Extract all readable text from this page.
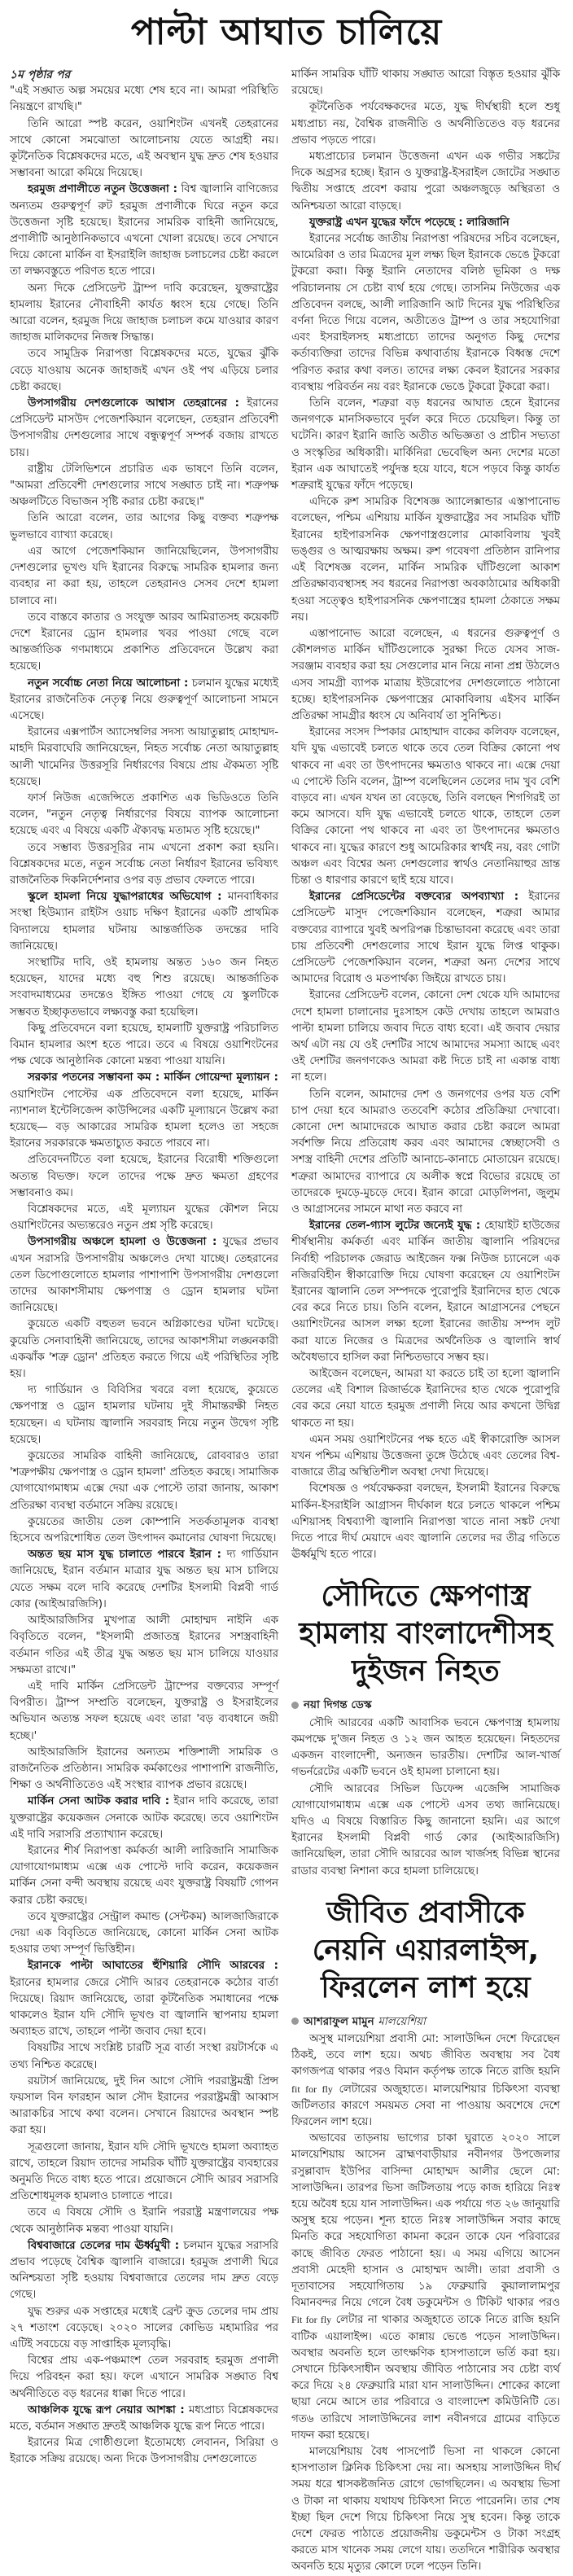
পাল্টা আঘাত চালিয়ে
১ম পৃষ্ঠার পর

"এই সঙ্ঘাত অল্প সময়ের মধ্যে শেষ হবে না। আমরা পরিস্থিতি নিয়ন্ত্রণে রাখছি।"

তিনি আরো স্পষ্ট করেন, ওয়াশিংটন এখনই তেহরানের সাথে কোনো সমঝোতা আলোচনায় যেতে আগ্রহী নয়। কূটনৈতিক বিশ্লেষকদের মতে, এই অবস্থান যুদ্ধ দ্রুত শেষ হওয়ার সম্ভাবনা আরো কমিয়ে দিয়েছে।

হরমুজ প্রণালীতে নতুন উত্তেজনা : বিশ্ব জ্বালানি বাণিজ্যের অন্যতম গুরুত্বপূর্ণ রুট হরমুজ প্রণালীকে ঘিরে নতুন করে উত্তেজনা সৃষ্টি হয়েছে। ইরানের সামরিক বাহিনী জানিয়েছে, প্রণালীটি আনুষ্ঠানিকভাবে এখনো খোলা রয়েছে। তবে সেখানে দিয়ে কোনো মার্কিন বা ইসরাইলি জাহাজ চলাচলের চেষ্টা করলে তা লক্ষ্যবস্তুতে পরিণত হতে পারে।

অন্য দিকে প্রেসিডেন্ট ট্রাম্প দাবি করেছেন, যুক্তরাষ্ট্রের হামলায় ইরানের নৌবাহিনী কার্যত ধ্বংস হয়ে গেছে। তিনি আরো বলেন, হরমুজ দিয়ে জাহাজ চলাচল কমে যাওয়ার কারণ জাহাজ মালিকদের নিজস্ব সিদ্ধান্ত।

তবে সামুদ্রিক নিরাপত্তা বিশ্লেষকদের মতে, যুদ্ধের ঝুঁকি বেড়ে যাওয়ায় অনেক জাহাজই এখন ওই পথ এড়িয়ে চলার চেষ্টা করছে।

উপসাগরীয় দেশগুলোকে আশ্বাস তেহরানের : ইরানের প্রেসিডেন্ট মাসউদ পেজেশকিয়ান বলেছেন, তেহরান প্রতিবেশী উপসাগরীয় দেশগুলোর সাথে বন্ধুত্বপূর্ণ সম্পর্ক বজায় রাখতে চায়।

রাষ্ট্রীয় টেলিভিশনে প্রচারিত এক ভাষণে তিনি বলেন, "আমরা প্রতিবেশী দেশগুলোর সাথে সঙ্ঘাত চাই না। শত্রুপক্ষ অঞ্চলটিতে বিভাজন সৃষ্টি করার চেষ্টা করছে।"

তিনি আরো বলেন, তার আগের কিছু বক্তব্য শত্রুপক্ষ ভুলভাবে ব্যাখ্যা করেছে।

এর আগে পেজেশকিয়ান জানিয়েছিলেন, উপসাগরীয় দেশগুলোর ভূখণ্ড যদি ইরানের বিরুদ্ধে সামরিক হামলার জন্য ব্যবহার না করা হয়, তাহলে তেহরানও সেসব দেশে হামলা চালাবে না।

তবে বাস্তবে কাতার ও সংযুক্ত আরব আমিরাতসহ কয়েকটি দেশে ইরানের ড্রোন হামলার খবর পাওয়া গেছে বলে আন্তর্জাতিক গণমাধ্যমে প্রকাশিত প্রতিবেদনে উল্লেখ করা হয়েছে।

নতুন সর্বোচ্চ নেতা নিয়ে আলোচনা : চলমান যুদ্ধের মধ্যেই ইরানের রাজনৈতিক নেতৃত্ব নিয়ে গুরুত্বপূর্ণ আলোচনা সামনে এসেছে।

ইরানের এক্সপার্টস অ্যাসেম্বলির সদস্য আয়াতুল্লাহ মোহাম্মদ-মাহদি মিরবাঘেরি জানিয়েছেন, নিহত সর্বোচ্চ নেতা আয়াতুল্লাহ আলী খামেনির উত্তরসূরি নির্ধারণের বিষয়ে প্রায় ঐকমত্য সৃষ্টি হয়েছে।

ফার্স নিউজ এজেন্সিতে প্রকাশিত এক ভিডিওতে তিনি বলেন, "নতুন নেতৃত্ব নির্ধারণের বিষয়ে ব্যাপক আলোচনা হয়েছে এবং এ বিষয়ে একটি ঐক্যবদ্ধ মতামত সৃষ্টি হয়েছে।"

তবে সম্ভাব্য উত্তরসূরির নাম এখনো প্রকাশ করা হয়নি। বিশ্লেষকদের মতে, নতুন সর্বোচ্চ নেতা নির্ধারণ ইরানের ভবিষ্যৎ রাজনৈতিক দিকনির্দেশনার ওপর বড় প্রভাব ফেলতে পারে।

স্কুলে হামলা নিয়ে যুদ্ধাপরাধের অভিযোগ : মানবাধিকার সংস্থা হিউম্যান রাইটস ওয়াচ দক্ষিণ ইরানের একটি প্রাথমিক বিদ্যালয়ে হামলার ঘটনায় আন্তর্জাতিক তদন্তের দাবি জানিয়েছে।

সংস্থাটির দাবি, ওই হামলায় অন্তত ১৬০ জন নিহত হয়েছেন, যাদের মধ্যে বহু শিশু রয়েছে। আন্তর্জাতিক সংবাদমাধ্যমের তদন্তেও ইঙ্গিত পাওয়া গেছে যে স্কুলটিকে সম্ভবত ইচ্ছাকৃতভাবে লক্ষ্যবস্তু করা হয়েছিল।

কিছু প্রতিবেদনে বলা হয়েছে, হামলাটি যুক্তরাষ্ট্র পরিচালিত বিমান হামলার অংশ হতে পারে। তবে এ বিষয়ে ওয়াশিংটনের পক্ষ থেকে আনুষ্ঠানিক কোনো মন্তব্য পাওয়া যায়নি।

সরকার পতনের সম্ভাবনা কম : মার্কিন গোয়েন্দা মূল্যায়ন : ওয়াশিংটন পোস্টের এক প্রতিবেদনে বলা হয়েছে, মার্কিন ন্যাশনাল ইন্টেলিজেন্স কাউন্সিলের একটি মূল্যায়নে উল্লেখ করা হয়েছে— বড় আকারের সামরিক হামলা হলেও তা সহজে ইরানের সরকারকে ক্ষমতাচ্যুত করতে পারবে না।

প্রতিবেদনটিতে বলা হয়েছে, ইরানের বিরোধী শক্তিগুলো অত্যন্ত বিভক্ত। ফলে তাদের পক্ষে দ্রুত ক্ষমতা গ্রহণের সম্ভাবনাও কম।

বিশ্লেষকদের মতে, এই মূল্যায়ন যুদ্ধের কৌশল নিয়ে ওয়াশিংটনের অভ্যন্তরেও নতুন প্রশ্ন সৃষ্টি করেছে।

উপসাগরীয় অঞ্চলে হামলা ও উত্তেজনা : যুদ্ধের প্রভাব এখন সরাসরি উপসাগরীয় অঞ্চলেও দেখা যাচ্ছে। তেহরানের তেল ডিপোগুলোতে হামলার পাশাপাশি উপসাগরীয় দেশগুলো তাদের আকাশসীমায় ক্ষেপণাস্ত্র ও ড্রোন হামলার ঘটনা জানিয়েছে।

কুয়েতে একটি বহুতল ভবনে অগ্নিকাণ্ডের ঘটনা ঘটেছে। কুয়েতি সেনাবাহিনী জানিয়েছে, তাদের আকাশসীমা লঙ্ঘনকারী একঝাঁক 'শত্রু ড্রোন' প্রতিহত করতে গিয়ে এই পরিস্থিতির সৃষ্টি হয়।

দ্য গার্ডিয়ান ও বিবিসির খবরে বলা হয়েছে, কুয়েতে ক্ষেপণাস্ত্র ও ড্রোন হামলার ঘটনায় দুই সীমান্তরক্ষী নিহত হয়েছেন। এ ঘটনায় জ্বালানি সরবরাহ নিয়ে নতুন উদ্বেগ সৃষ্টি হয়েছে।

কুয়েতের সামরিক বাহিনী জানিয়েছে, রোববারও তারা 'শত্রুপক্ষীয় ক্ষেপণাস্ত্র ও ড্রোন হামলা' প্রতিহত করছে। সামাজিক যোগাযোগমাধ্যম এক্সে দেয়া এক পোস্টে তারা জানায়, আকাশ প্রতিরক্ষা ব্যবস্থা বর্তমানে সক্রিয় রয়েছে।

কুয়েতের জাতীয় তেল কোম্পানি সতর্কতামূলক ব্যবস্থা হিসেবে অপরিশোধিত তেল উৎপাদন কমানোর ঘোষণা দিয়েছে।

অন্তত ছয় মাস যুদ্ধ চালাতে পারবে ইরান : দ্য গার্ডিয়ান জানিয়েছে, ইরান বর্তমান মাত্রার যুদ্ধ অন্তত ছয় মাস চালিয়ে যেতে সক্ষম বলে দাবি করেছে দেশটির ইসলামী বিপ্লবী গার্ড কোর (আইআরজিসি)।

আইআরজিসির মুখপাত্র আলী মোহাম্মদ নাইনি এক বিবৃতিতে বলেন, "ইসলামী প্রজাতন্ত্র ইরানের সশস্ত্রবাহিনী বর্তমান গতির এই তীব্র যুদ্ধ অন্তত ছয় মাস চালিয়ে যাওয়ার সক্ষমতা রাখে।"

এই দাবি মার্কিন প্রেসিডেন্ট ট্রাম্পের বক্তব্যের সম্পূর্ণ বিপরীত। ট্রাম্প সম্প্রতি বলেছেন, যুক্তরাষ্ট্র ও ইসরাইলের অভিযান অত্যন্ত সফল হয়েছে এবং তারা 'বড় ব্যবধানে জয়ী হচ্ছে।'

আইআরজিসি ইরানের অন্যতম শক্তিশালী সামরিক ও রাজনৈতিক প্রতিষ্ঠান। সামরিক কর্মকাণ্ডের পাশাপাশি রাজনীতি, শিক্ষা ও অর্থনীতিতেও এই সংস্থার ব্যাপক প্রভাব রয়েছে।

মার্কিন সেনা আটক করার দাবি : ইরান দাবি করেছে, তারা যুক্তরাষ্ট্রের কয়েকজন সেনাকে আটক করেছে। তবে ওয়াশিংটন এই দাবি সরাসরি প্রত্যাখ্যান করেছে।

ইরানের শীর্ষ নিরাপত্তা কর্মকর্তা আলী লারিজানি সামাজিক যোগাযোগমাধ্যম এক্সে এক পোস্টে দাবি করেন, কয়েকজন মার্কিন সেনা বন্দী অবস্থায় রয়েছে এবং যুক্তরাষ্ট্র বিষয়টি গোপন করার চেষ্টা করছে।

তবে যুক্তরাষ্ট্রের সেন্ট্রাল কমান্ড (সেন্টকম) আলজাজিরাকে দেয়া এক বিবৃতিতে জানিয়েছে, কোনো মার্কিন সেনা আটক হওয়ার তথ্য সম্পূর্ণ ভিত্তিহীন।

ইরানকে পাল্টা আঘাতের হুঁশিয়ারি সৌদি আরবের : ইরানের হামলার জেরে সৌদি আরব তেহরানকে কঠোর বার্তা দিয়েছে। রিয়াদ জানিয়েছে, তারা কূটনৈতিক সমাধানের পক্ষে থাকলেও ইরান যদি সৌদি ভূখণ্ড বা জ্বালানি স্থাপনায় হামলা অব্যাহত রাখে, তাহলে পাল্টা জবাব দেয়া হবে।

বিষয়টির সাথে সংশ্লিষ্ট চারটি সূত্র বার্তা সংস্থা রয়টার্সকে এ তথ্য নিশ্চিত করেছে।

রয়টার্স জানিয়েছে, দুই দিন আগে সৌদি পররাষ্ট্রমন্ত্রী প্রিন্স ফয়সাল বিন ফারহান আল সৌদ ইরানের পররাষ্ট্রমন্ত্রী আব্বাস আরাকচির সাথে কথা বলেন। সেখানে রিয়াদের অবস্থান স্পষ্ট করা হয়।

সূত্রগুলো জানায়, ইরান যদি সৌদি ভূখণ্ডে হামলা অব্যাহত রাখে, তাহলে রিয়াদ তাদের সামরিক ঘাঁটি যুক্তরাষ্ট্রের ব্যবহারের অনুমতি দিতে বাধ্য হতে পারে। প্রয়োজনে সৌদি আরব সরাসরি প্রতিশোধমূলক হামলাও চালাতে পারে।

তবে এ বিষয়ে সৌদি ও ইরানি পররাষ্ট্র মন্ত্রণালয়ের পক্ষ থেকে আনুষ্ঠানিক মন্তব্য পাওয়া যায়নি।

বিশ্ববাজারে তেলের দাম ঊর্ধ্বমুখী : চলমান যুদ্ধের সরাসরি প্রভাব পড়েছে বৈশ্বিক জ্বালানি বাজারে। হরমুজ প্রণালী ঘিরে অনিশ্চয়তা সৃষ্টি হওয়ায় বিশ্ববাজারে তেলের দাম দ্রুত বেড়ে গেছে।

যুদ্ধ শুরুর এক সপ্তাহের মধ্যেই ব্রেন্ট ক্রুড তেলের দাম প্রায় ২৭ শতাংশ বেড়েছে। ২০২০ সালের কোভিড মহামারির পর এটিই সবচেয়ে বড় সাপ্তাহিক মূল্যবৃদ্ধি।

বিশ্বের প্রায় এক-পঞ্চমাংশ তেল সরবরাহ হরমুজ প্রণালী দিয়ে পরিবহন করা হয়। ফলে এখানে সামরিক সঙ্ঘাত বিশ্ব অর্থনীতিতে বড় ধরনের ধাক্কা দিতে পারে।

আঞ্চলিক যুদ্ধে রূপ নেয়ার আশঙ্কা : মধ্যপ্রাচ্য বিশ্লেষকদের মতে, বর্তমান সঙ্ঘাত দ্রুতই আঞ্চলিক যুদ্ধে রূপ নিতে পারে।

ইরানের মিত্র গোষ্ঠীগুলো ইতোমধ্যে লেবানন, সিরিয়া ও ইরাকে সক্রিয় রয়েছে। অন্য দিকে উপসাগরীয় দেশগুলোতে

মার্কিন সামরিক ঘাঁটি থাকায় সঙ্ঘাত আরো বিস্তৃত হওয়ার ঝুঁকি রয়েছে।

কূটনৈতিক পর্যবেক্ষকদের মতে, যুদ্ধ দীর্ঘস্থায়ী হলে শুধু মধ্যপ্রাচ্য নয়, বৈশ্বিক রাজনীতি ও অর্থনীতিতেও বড় ধরনের প্রভাব পড়তে পারে।

মধ্যপ্রাচ্যের চলমান উত্তেজনা এখন এক গভীর সঙ্কটের দিকে অগ্রসর হচ্ছে। ইরান ও যুক্তরাষ্ট্র-ইসরাইল জোটের সঙ্ঘাত দ্বিতীয় সপ্তাহে প্রবেশ করায় পুরো অঞ্চলজুড়ে অস্থিরতা ও অনিশ্চয়তা আরো বাড়ছে।

যুক্তরাষ্ট্র এখন যুদ্ধের ফাঁদে পড়েছে : লারিজানি

ইরানের সর্বোচ্চ জাতীয় নিরাপত্তা পরিষদের সচিব বলেছেন, আমেরিকা ও তার মিত্রদের মূল লক্ষ্য ছিল ইরানকে ভেঙে টুকরো টুকরো করা। কিন্তু ইরানি নেতাদের বলিষ্ঠ ভূমিকা ও দক্ষ পরিচালনায় সে চেষ্টা ব্যর্থ হয়ে গেছে। তাসনিম নিউজের এক প্রতিবেদন বলছে, আলী লারিজানি আট দিনের যুদ্ধ পরিস্থিতির বর্ণনা দিতে গিয়ে বলেন, অতীতেও ট্রাম্প ও তার সহযোগিরা এবং ইসরাইলসহ মধ্যপ্রাচ্যে তাদের অনুগত কিছু দেশের কর্তাব্যক্তিরা তাদের বিভিন্ন কথাবার্তায় ইরানকে বিধ্বস্ত দেশে পরিণত করার কথা বলত। তাদের লক্ষ্য কেবল ইরানের সরকার ব্যবস্থায় পরিবর্তন নয় বরং ইরানকে ভেঙে টুকরো টুকরো করা।

তিনি বলেন, শত্রুরা বড় ধরনের আঘাত হেনে ইরানের জনগণকে মানসিকভাবে দুর্বল করে দিতে চেয়েছিল। কিন্তু তা ঘটেনি। কারণ ইরানি জাতি অতীত অভিজ্ঞতা ও প্রাচীন সভ্যতা ও সংস্কৃতির অধিকারী। মার্কিনিরা ভেবেছিল অন্য দেশের মতো ইরান এক আঘাতেই পর্যুদস্ত হয়ে যাবে, ধসে পড়বে কিন্তু কার্যত শত্রুরাই যুদ্ধের ফাঁদে পড়েছে।

এদিকে রুশ সামরিক বিশেষজ্ঞ অ্যালেক্সান্ডার এস্তাপানোভ বলেছেন, পশ্চিম এশিয়ায় মার্কিন যুক্তরাষ্ট্রের সব সামরিক ঘাঁটি ইরানের হাইপারসনিক ক্ষেপণাস্ত্রগুলোর মোকাবিলায় খুবই ভঙ্গুর ও আত্মরক্ষায় অক্ষম। রুশ গবেষণা প্রতিষ্ঠান রানিপার এই বিশেষজ্ঞ বলেন, মার্কিন সামরিক ঘাঁটিগুলো আকাশ প্রতিরক্ষাব্যবস্থাসহ সব ধরনের নিরাপত্তা অবকাঠামোর অধিকারী হওয়া সত্ত্বেও হাইপারসনিক ক্ষেপণাস্ত্রের হামলা ঠেকাতে সক্ষম নয়।

এস্তাপানোভ আরো বলেছেন, এ ধরনের গুরুত্বপূর্ণ ও কৌশলগত মার্কিন ঘাঁটিগুলোকে সুরক্ষা দিতে যেসব সাজ-সরঞ্জাম ব্যবহার করা হয় সেগুলোর মান নিয়ে নানা প্রশ্ন উঠলেও এসব সামগ্রী ব্যাপক মাত্রায় ইউরোপের দেশগুলোতে পাঠানো হচ্ছে। হাইপারসনিক ক্ষেপণাস্ত্রের মোকাবিলায় এইসব মার্কিন প্রতিরক্ষা সামগ্রীর ধ্বংস যে অনিবার্য তা সুনিশ্চিত।

ইরানের সংসদ স্পিকার মোহাম্মাদ বাকের কলিবফ বলেছেন, যদি যুদ্ধ এভাবেই চলতে থাকে তবে তেল বিক্রির কোনো পথ থাকবে না এবং তা উৎপাদনের ক্ষমতাও থাকবে না। এক্সে দেয়া এ পোস্টে তিনি বলেন, ট্রাম্প বলেছিলেন তেলের দাম খুব বেশি বাড়বে না। এখন যখন তা বেড়েছে, তিনি বলছেন শিগগিরই তা কমে আসবে। যদি যুদ্ধ এভাবেই চলতে থাকে, তাহলে তেল বিক্রির কোনো পথ থাকবে না এবং তা উৎপাদনের ক্ষমতাও থাকবে না। যুদ্ধের কারণে শুধু আমেরিকার স্বার্থই নয়, বরং গোটা অঞ্চল এবং বিশ্বের অন্য দেশগুলোর স্বার্থও নেতানিয়াহুর ভ্রান্ত চিন্তা ও ধারণার কারণে ছাই হয়ে যাবে।

ইরানের প্রেসিডেন্টের বক্তব্যের অপব্যাখ্যা : ইরানের প্রেসিডেন্ট মাসুদ পেজেশকিয়ান বলেছেন, শত্রুরা আমার বক্তব্যের ব্যাপারে খুবই অপরিপক্ক চিন্তাভাবনা করেছে এবং তারা চায় প্রতিবেশী দেশগুলোর সাথে ইরান যুদ্ধে লিপ্ত থাকুক। প্রেসিডেন্ট পেজেশকিয়ান বলেন, শত্রুরা অন্য দেশের সাথে আমাদের বিরোধ ও মতপার্থক্য জিইয়ে রাখতে চায়।

ইরানের প্রেসিডেন্ট বলেন, কোনো দেশ থেকে যদি আমাদের দেশে হামলা চালানোর দুঃসাহস কেউ দেখায় তাহলে আমরাও পাল্টা হামলা চালিয়ে জবাব দিতে বাধ্য হবো। এই জবাব দেয়ার অর্থ এটা নয় যে ওই দেশটির সাথে আমাদের সমস্যা আছে এবং ওই দেশটির জনগণকেও আমরা কষ্ট দিতে চাই না একান্ত বাধ্য না হলে।

তিনি বলেন, আমাদের দেশ ও জনগণের ওপর যত বেশি চাপ দেয়া হবে আমরাও ততবেশি কঠোর প্রতিক্রিয়া দেখাবো। কোনো দেশ আমাদেরকে আঘাত করার চেষ্টা করলে আমরা সর্বশক্তি নিয়ে প্রতিরোধ করব এবং আমাদের স্বেচ্ছাসেবী ও সশস্ত্র বাহিনী দেশের প্রতিটি আনাচে-কানাচে মোতায়েন রয়েছে। শত্রুরা আমাদের ব্যাপারে যে অলীক স্বপ্নে বিভোর রয়েছে তা তাদেরকে দুমড়ে-মুচড়ে দেবে। ইরান কারো মোড়লিপনা, জুলুম ও আগ্রাসনের সামনে মাথা নত করবে না

ইরানের তেল-গ্যাস লুটের জন্যেই যুদ্ধ : হোয়াইট হাউজের শীর্ষস্থানীয় কর্মকর্তা এবং মার্কিন জাতীয় জ্বালানি পরিষদের নির্বাহী পরিচালক জেরাড আইজেন ফক্স নিউজ চ্যানেলে এক নজিরবিহীন স্বীকারোক্তি দিয়ে ঘোষণা করেছেন যে ওয়াশিংটন ইরানের জ্বালানি তেল সম্পদকে পুরোপুরি ইরানিদের হাত থেকে বের করে নিতে চায়। তিনি বলেন, ইরানে আগ্রাসনের পেছনে ওয়াশিংটনের আসল লক্ষ্য হলো ইরানের জাতীয় সম্পদ লুট করা যাতে নিজের ও মিত্রদের অর্থনৈতিক ও জ্বালানি স্বার্থ অবৈধভাবে হাসিল করা নিশ্চিতভাবে সম্ভব হয়।

আইজেন বলেছেন, আমরা যা করতে চাই তা হলো জ্বালানি তেলের এই বিশাল রিজার্ভকে ইরানিদের হাত থেকে পুরোপুরি বের করে নেয়া যাতে হরমুজ প্রণালী নিয়ে আর কখনো উদ্বিগ্ন থাকতে না হয়।

এমন সময় ওয়াশিংটনের পক্ষ হতে এই স্বীকারোক্তি আসল যখন পশ্চিম এশিয়ায় উত্তেজনা তুঙ্গে উঠেছে এবং তেলের বিশ্ব-বাজারে তীব্র অস্থিতিশীল অবস্থা দেখা দিয়েছে।

বিশেষজ্ঞ ও পর্যবেক্ষকরা বলছেন, ইসলামী ইরানের বিরুদ্ধে মার্কিন-ইসরাইলি আগ্রাসন দীর্ঘকাল ধরে চলতে থাকলে পশ্চিম এশিয়াসহ বিশ্বব্যাপী জ্বালানি নিরাপত্তা খাতে নানা সঙ্কট দেখা দিতে পারে দীর্ঘ মেয়াদে এবং জ্বালানি তেলের দর তীব্র গতিতে ঊর্ধ্বমুখি হতে পারে।

সৌদিতে ক্ষেপণাস্ত্র হামলায় বাংলাদেশীসহ দুইজন নিহত
নয়া দিগন্ত ডেস্ক

সৌদি আরবের একটি আবাসিক ভবনে ক্ষেপণাস্ত্র হামলায় কমপক্ষে দু'জন নিহত ও ১২ জন আহত হয়েছেন। নিহতদের একজন বাংলাদেশী, অন্যজন ভারতীয়। দেশটির আল-খার্জ গভর্নরেটের একটি ভবনে ওই হামলা চালানো হয়।

সৌদি আরবের সিভিল ডিফেন্স এজেন্সি সামাজিক যোগাযোগমাধ্যম এক্সে এক পোস্টে এসব তথ্য জানিয়েছে। যদিও এ বিষয়ে বিস্তারিত কিছু জানানো হয়নি। এর আগে ইরানের ইসলামী বিপ্লবী গার্ড কোর (আইআরজিসি) জানিয়েছিল, তারা সৌদি আরবের আল খার্জসহ বিভিন্ন স্থানের রাডার ব্যবস্থা নিশানা করে হামলা চালিয়েছে।

জীবিত প্রবাসীকে নেয়নি এয়ারলাইন্স, ফিরলেন লাশ হয়ে
আশরাফুল মামুন মালয়েশিয়া

অসুস্থ মালয়েশিয়া প্রবাসী মো: সালাউদ্দিন দেশে ফিরেছেন ঠিকই, তবে লাশ হয়ে। অথচ জীবিত অবস্থায় সব বৈধ কাগজপত্র থাকার পরও বিমান কর্তৃপক্ষ তাকে নিতে রাজি হয়নি fit for fly লেটারের অজুহাতে। মালয়েশিয়ার চিকিৎসা ব্যবস্থা জটিলতার কারণে সময়মত সেবা না পাওয়ায় অবশেষে দেশে ফিরলেন লাশ হয়ে।

অভাবের তাড়নায় ভাগ্যের চাকা ঘুরাতে ২০২০ সালে মালয়েশিয়ায় আসেন ব্রাহ্মণবাড়ীয়ার নবীনগর উপজেলার রসুল্লাবাদ ইউপির বাসিন্দা মোহাম্মদ আলীর ছেলে মো: সালাউদ্দিন। তারপর ভিসা জটিলতায় পড়ে কাজ হারিয়ে নিঃস্ব হয়ে অবৈধ হয়ে যান সালাউদ্দিন। এক পর্যায়ে গত ২৬ জানুয়ারি অসুস্থ হয়ে পড়েন। শূন্য হাতে নিঃস্ব সালাউদ্দিন সবার কাছে মিনতি করে সহযোগিতা কামনা করেন তাকে যেন পরিবারের কাছে জীবিত ফেরত পাঠানো হয়। এ সময় এগিয়ে আসেন প্রবাসী মেহেদী হাসান ও মোহাম্মদ আলী। তারা প্রবাসী ও দূতাবাসের সহযোগিতায় ১৯ ফেব্রুয়ারি কুয়ালালামপুর বিমানবন্দর নিয়ে গেলে বৈধ ডকুমেন্টস ও টিকিট থাকার পরও Fit for fly লেটার না থাকার অজুহাতে তাকে নিতে রাজি হয়নি বাটিক এয়ালাইন্স। এতে কান্নায় ভেঙে পড়েন সালাউদ্দিন। অবস্থার অবনতি হলে তাৎক্ষণিক হাসপাতালে ভর্তি করা হয়। সেখানে চিকিৎসাধীন অবস্থায় জীবিত পাঠানোর সব চেষ্টা ব্যর্থ করে দিয়ে ২৪ ফেব্রুয়ারি মারা যান সালাউদ্দিন। শোকের কালো ছায়া নেমে আসে তার পরিবারে ও বাংলাদেশ কমিউনিটি তে। গত৬ তারিখে সালাউদ্দিনের লাশ নবীনগরে গ্রামের বাড়িতে দাফন করা হয়েছে।

মালয়েশিয়ায় বৈধ পাসপোর্ট ভিসা না থাকলে কোনো হাসপাতাল ক্লিনিক চিকিৎসা দেয় না। অসহায় সালাউদ্দিন দীর্ঘ সময় ধরে শ্বাসকষ্টজনিত রোগে ভোগছিলেন। এ অবস্থায় ভিসা ও টাকা না থাকায় যথাযথ চিকিৎসা নিতে পারেননি। তার শেষ ইচ্ছা ছিল দেশে গিয়ে চিকিৎসা নিয়ে সুস্থ হবেন। কিন্তু তাকে দেশে ফেরত পাঠাতে প্রয়োজনীয় ডকুমেন্টস ও টাকা সংগ্রহ করতে মাস খানেক সময় লেগে যায়। ততদিনে শারীরিক অবস্থার অবনতি হয়ে মৃত্যুর কোলে ঢলে পড়েন তিনি।
